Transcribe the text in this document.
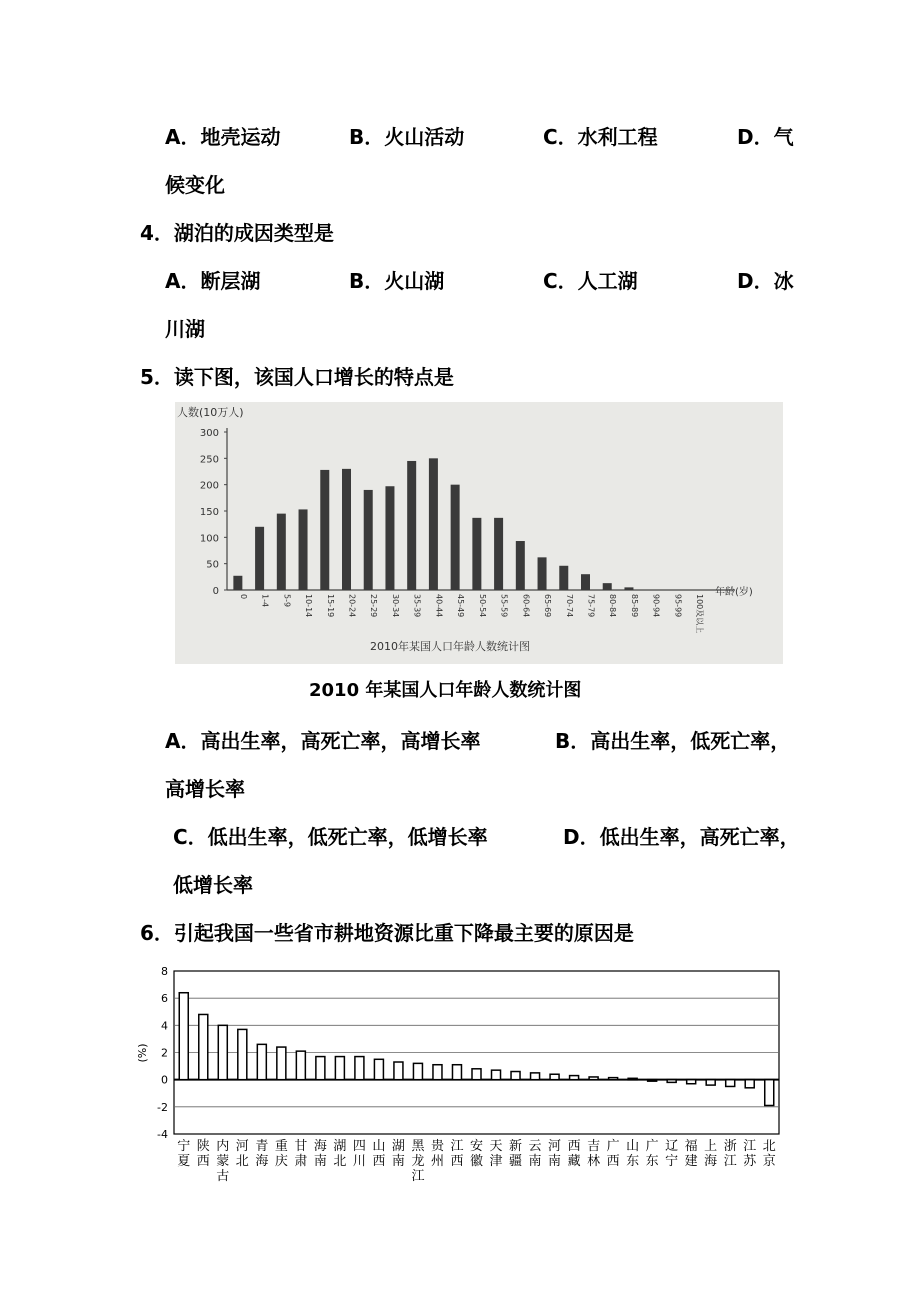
A．地壳运动	B．火山活动	C．水利工程	D．气
候变化
4．湖泊的成因类型是
A．断层湖	B．火山湖	C．人工湖	D．冰
川湖
5．读下图，该国人口增长的特点是
人数(10万人)
年龄(岁)
2010年某国人口年龄人数统计图
0
50
100
150
200
250
300
0 1-4 5-9 10-14 15-19 20-24 25-29 30-34 35-39 40-44 45-49 50-54 55-59 60-64 65-69 70-74 75-79 80-84 85-89 90-94 95-99 100及以上
2010 年某国人口年龄人数统计图
A．高出生率，高死亡率，高增长率	B．高出生率，低死亡率，
高增长率
C．低出生率，低死亡率，低增长率	D．低出生率，高死亡率，
低增长率
6．引起我国一些省市耕地资源比重下降最主要的原因是
8
6
4
2
0
-2
-4
(%)
宁夏
陕西
内蒙古
河北
青海
重庆
甘肃
海南
湖北
四川
山西
湖南
黑龙江
贵州
江西
安徽
天津
新疆
云南
河南
西藏
吉林
广西
山东
广东
辽宁
福建
上海
浙江
江苏
北京
